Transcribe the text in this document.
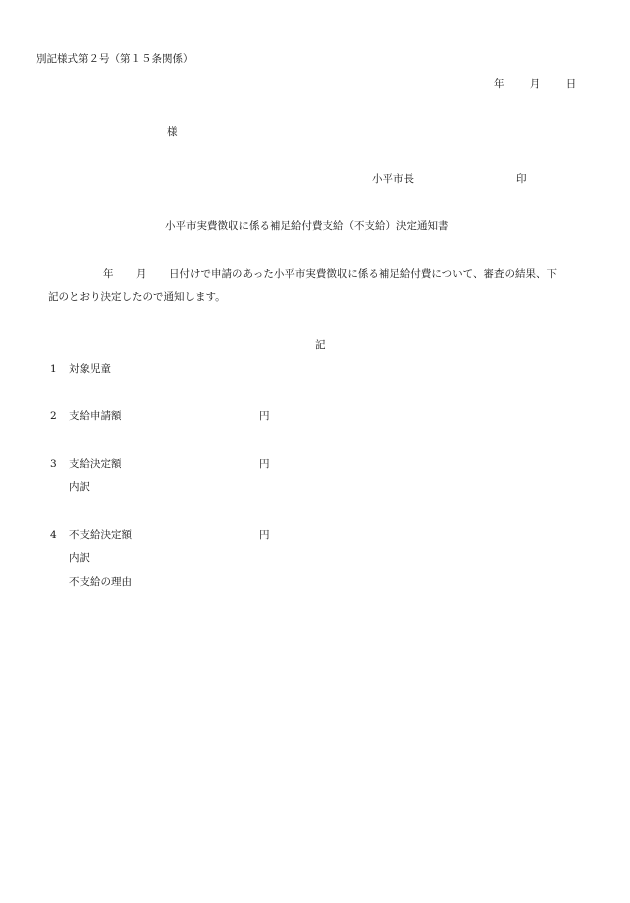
別記様式第２号（第１５条関係）
年 月 日
様
小平市長	印
小平市実費徴収に係る補足給付費支給（不支給）決定通知書
年 月 日付けで申請のあった小平市実費徴収に係る補足給付費について、審査の結果、下
記のとおり決定したので通知します。
記
1 対象児童
2 支給申請額	円
3 支給決定額	円
内訳
4 不支給決定額	円
内訳
不支給の理由
